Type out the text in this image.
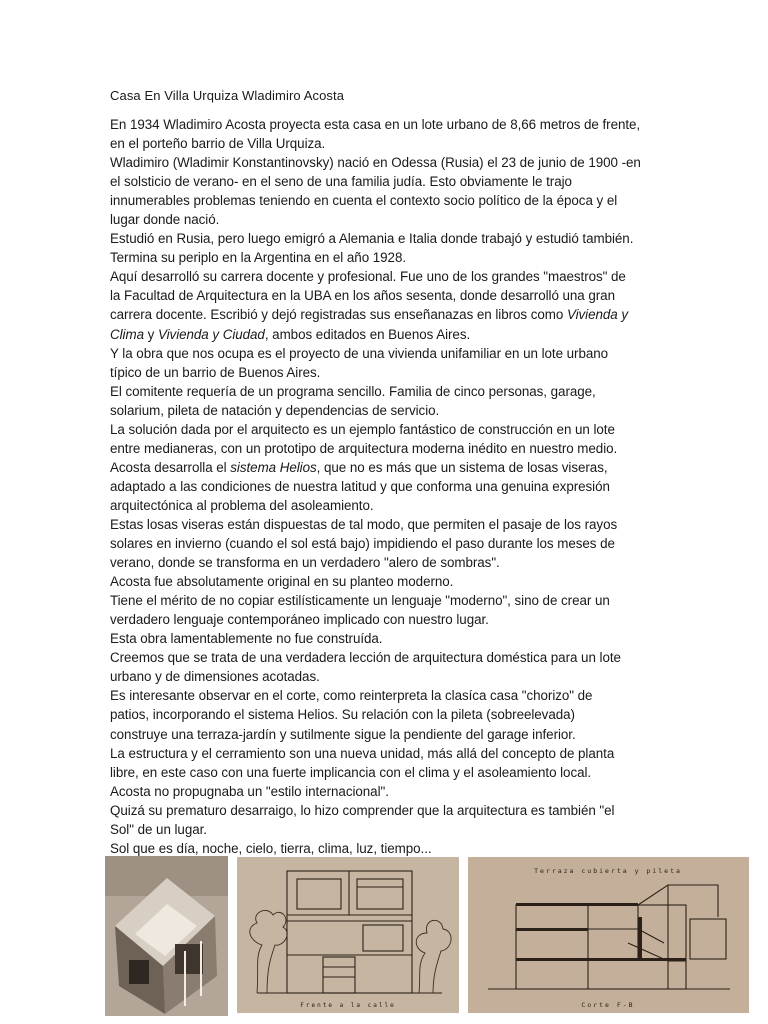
Casa En Villa Urquiza Wladimiro Acosta
En 1934 Wladimiro Acosta proyecta esta casa en un lote urbano de 8,66 metros de frente,
en el porteño barrio de Villa Urquiza.
Wladimiro (Wladimir Konstantinovsky) nació en Odessa (Rusia) el 23 de junio de 1900 -en
el solsticio de verano- en el seno de una familia judía. Esto obviamente le trajo
innumerables problemas teniendo en cuenta el contexto socio político de la época y el
lugar donde nació.
Estudió en Rusia, pero luego emigró a Alemania e Italia donde trabajó y estudió también.
Termina su periplo en la Argentina en el año 1928.
Aquí desarrolló su carrera docente y profesional. Fue uno de los grandes "maestros" de
la Facultad de Arquitectura en la UBA en los años sesenta, donde desarrolló una gran
carrera docente. Escribió y dejó registradas sus enseñanazas en libros como Vivienda y
Clima y Vivienda y Ciudad, ambos editados en Buenos Aires.
Y la obra que nos ocupa es el proyecto de una vivienda unifamiliar en un lote urbano
típico de un barrio de Buenos Aires.
El comitente requería de un programa sencillo. Familia de cinco personas, garage,
solarium, pileta de natación y dependencias de servicio.
La solución dada por el arquitecto es un ejemplo fantástico de construcción en un lote
entre medianeras, con un prototipo de arquitectura moderna inédito en nuestro medio.
Acosta desarrolla el sistema Helios, que no es más que un sistema de losas viseras,
adaptado a las condiciones de nuestra latitud y que conforma una genuina expresión
arquitectónica al problema del asoleamiento.
Estas losas viseras están dispuestas de tal modo, que permiten el pasaje de los rayos
solares en invierno (cuando el sol está bajo) impidiendo el paso durante los meses de
verano, donde se transforma en un verdadero "alero de sombras".
Acosta fue absolutamente original en su planteo moderno.
Tiene el mérito de no copiar estilísticamente un lenguaje "moderno", sino de crear un
verdadero lenguaje contemporáneo implicado con nuestro lugar.
Esta obra lamentablemente no fue construída.
Creemos que se trata de una verdadera lección de arquitectura doméstica para un lote
urbano y de dimensiones acotadas.
Es interesante observar en el corte, como reinterpreta la clasíca casa "chorizo" de
patios, incorporando el sistema Helios. Su relación con la pileta (sobreelevada)
construye una terraza-jardín y sutilmente sigue la pendiente del garage inferior.
La estructura y el cerramiento son una nueva unidad, más allá del concepto de planta
libre, en este caso con una fuerte implicancia con el clima y el asoleamiento local.
Acosta no propugnaba un "estilo internacional".
Quizá su prematuro desarraigo, lo hizo comprender que la arquitectura es también "el
Sol" de un lugar.
Sol que es día, noche, cielo, tierra, clima, luz, tiempo...
Frente a la calle
Terraza cubierta y pileta
Corte F-B
